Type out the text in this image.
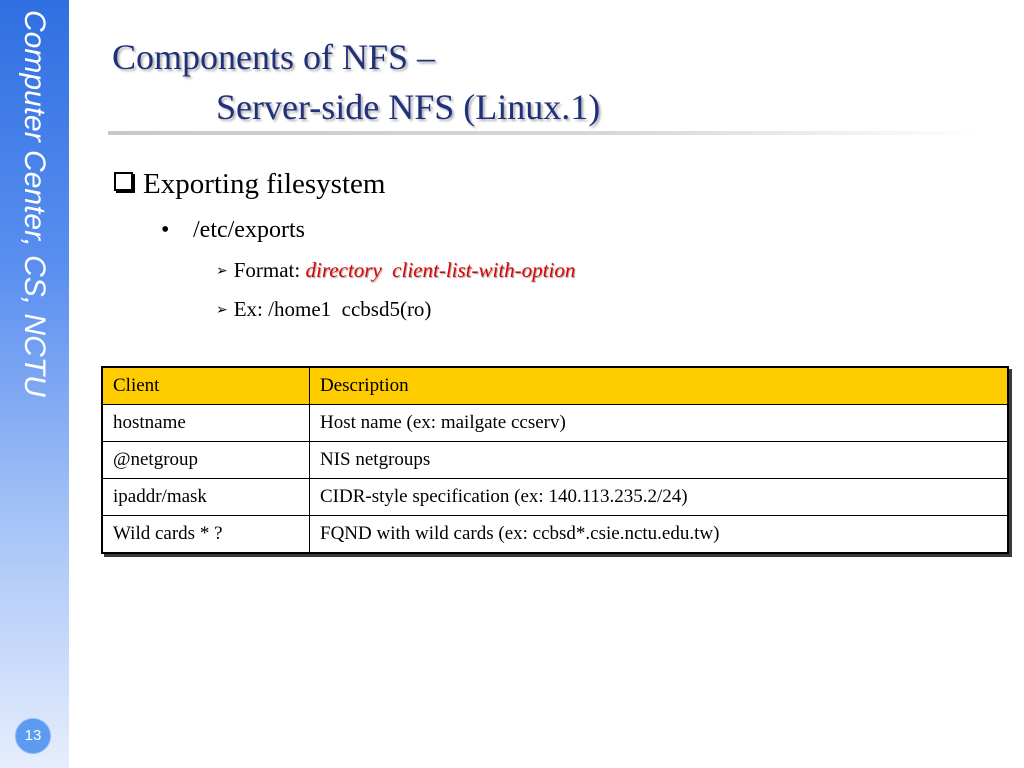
Computer Center, CS, NCTU
13
Components of NFS –
Server-side NFS (Linux.1)
Exporting filesystem
• /etc/exports
➢ Format: directory  client-list-with-option
➢ Ex: /home1  ccbsd5(ro)
Client	Description
hostname	Host name (ex: mailgate ccserv)
@netgroup	NIS netgroups
ipaddr/mask	CIDR-style specification (ex: 140.113.235.2/24)
Wild cards * ?	FQND with wild cards (ex: ccbsd*.csie.nctu.edu.tw)
